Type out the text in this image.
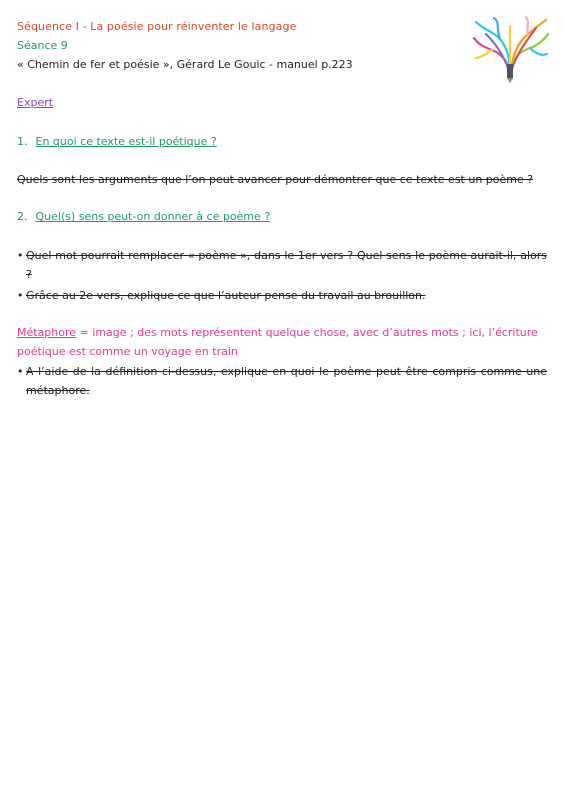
Séquence I - La poésie pour réinventer le langage
Séance 9
« Chemin de fer et poésie », Gérard Le Gouic - manuel p.223
Expert
1. En quoi ce texte est-il poétique ?
Quels sont les arguments que l’on peut avancer pour démontrer que ce texte est un poème ?
2. Quel(s) sens peut-on donner à ce poème ?
• Quel mot pourrait remplacer « poème », dans le 1er vers ? Quel sens le poème aurait-il, alors ?
• Grâce au 2e vers, explique ce que l’auteur pense du travail au brouillon.
Métaphore = image ; des mots représentent quelque chose, avec d’autres mots ; ici, l’écriture poétique est comme un voyage en train
• A l’aide de la définition ci-dessus, explique en quoi le poème peut être compris comme une métaphore.
